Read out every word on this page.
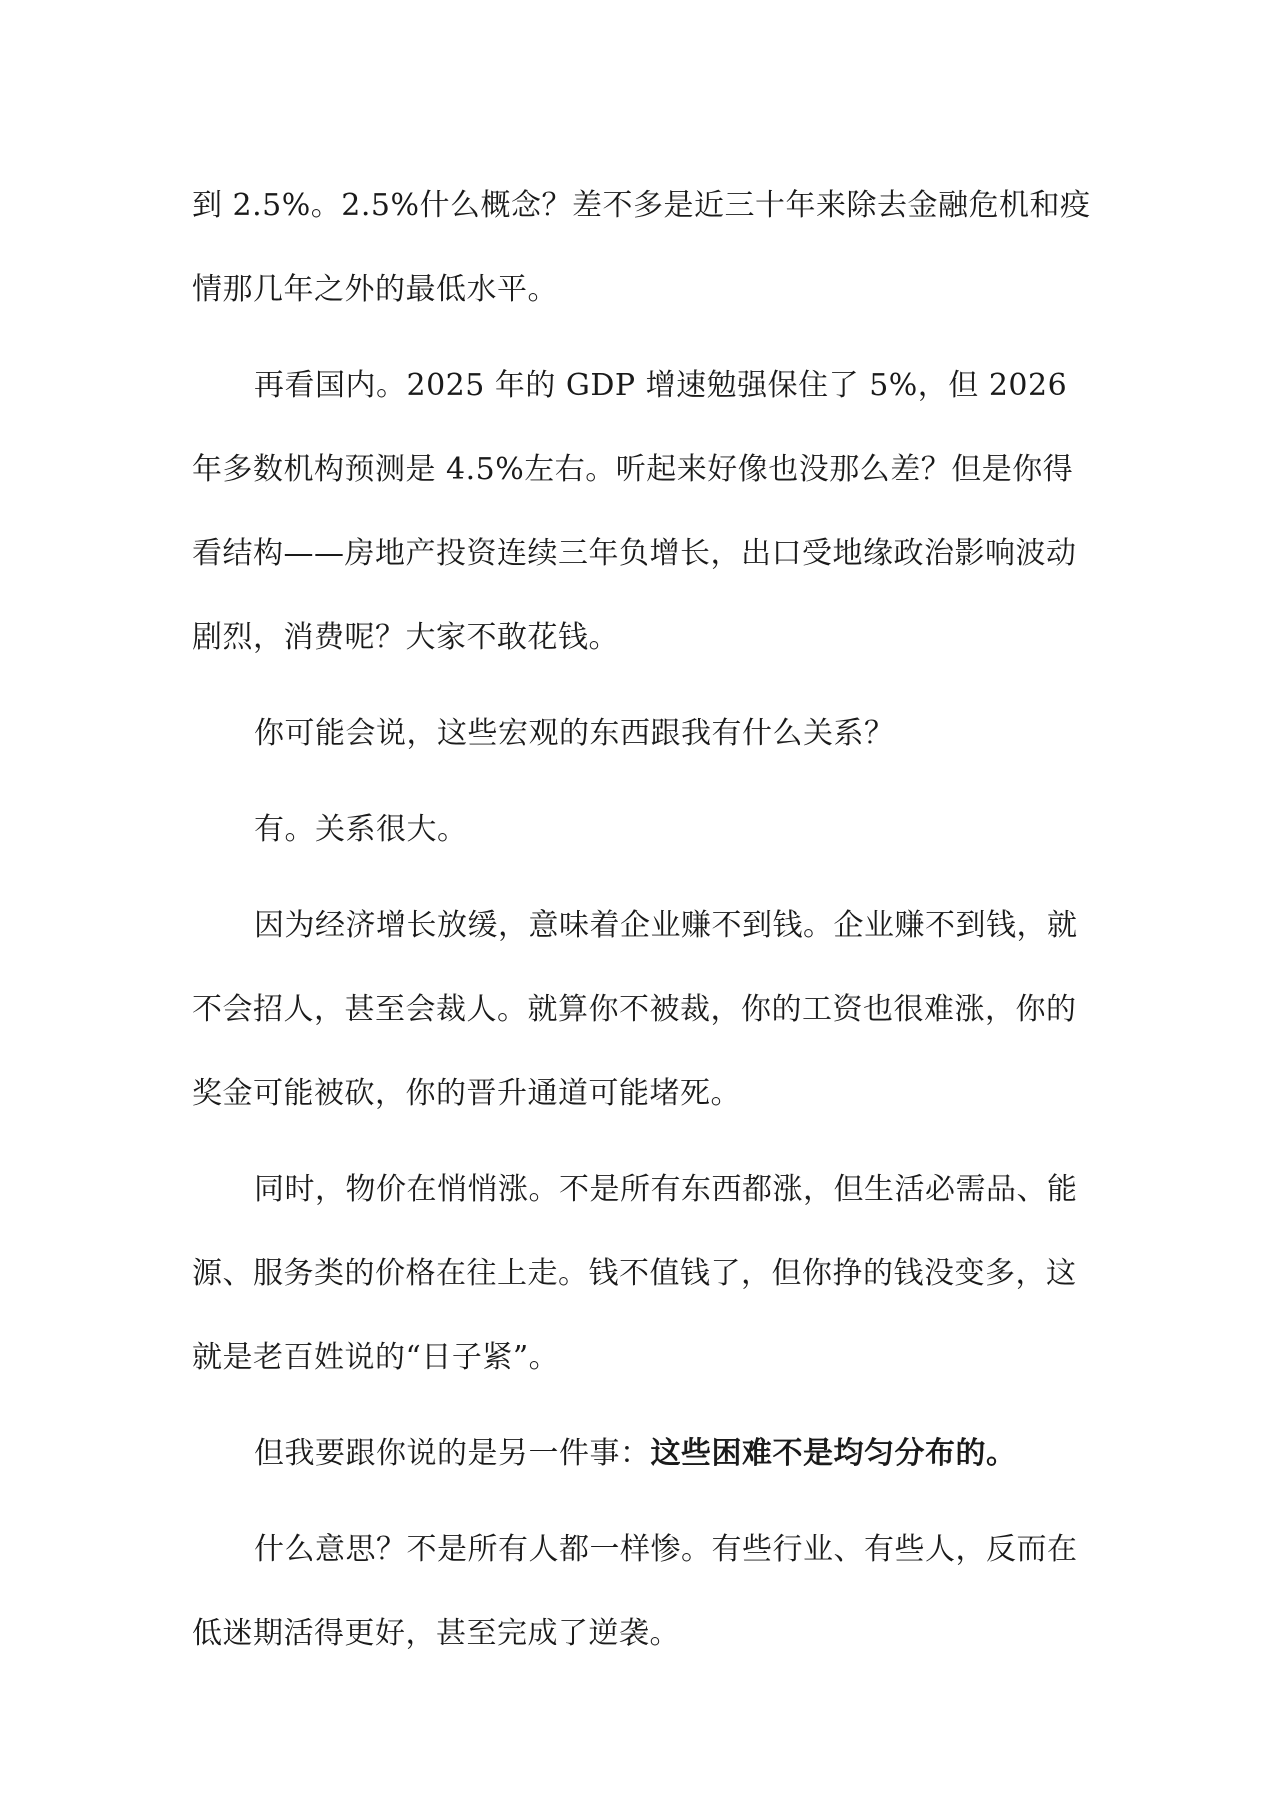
到 2.5%。2.5%什么概念？差不多是近三十年来除去金融危机和疫情那几年之外的最低水平。

再看国内。2025 年的 GDP 增速勉强保住了 5%，但 2026 年多数机构预测是 4.5%左右。听起来好像也没那么差？但是你得看结构——房地产投资连续三年负增长，出口受地缘政治影响波动剧烈，消费呢？大家不敢花钱。

你可能会说，这些宏观的东西跟我有什么关系？

有。关系很大。

因为经济增长放缓，意味着企业赚不到钱。企业赚不到钱，就不会招人，甚至会裁人。就算你不被裁，你的工资也很难涨，你的奖金可能被砍，你的晋升通道可能堵死。

同时，物价在悄悄涨。不是所有东西都涨，但生活必需品、能源、服务类的价格在往上走。钱不值钱了，但你挣的钱没变多，这就是老百姓说的“日子紧”。

但我要跟你说的是另一件事：这些困难不是均匀分布的。

什么意思？不是所有人都一样惨。有些行业、有些人，反而在低迷期活得更好，甚至完成了逆袭。
